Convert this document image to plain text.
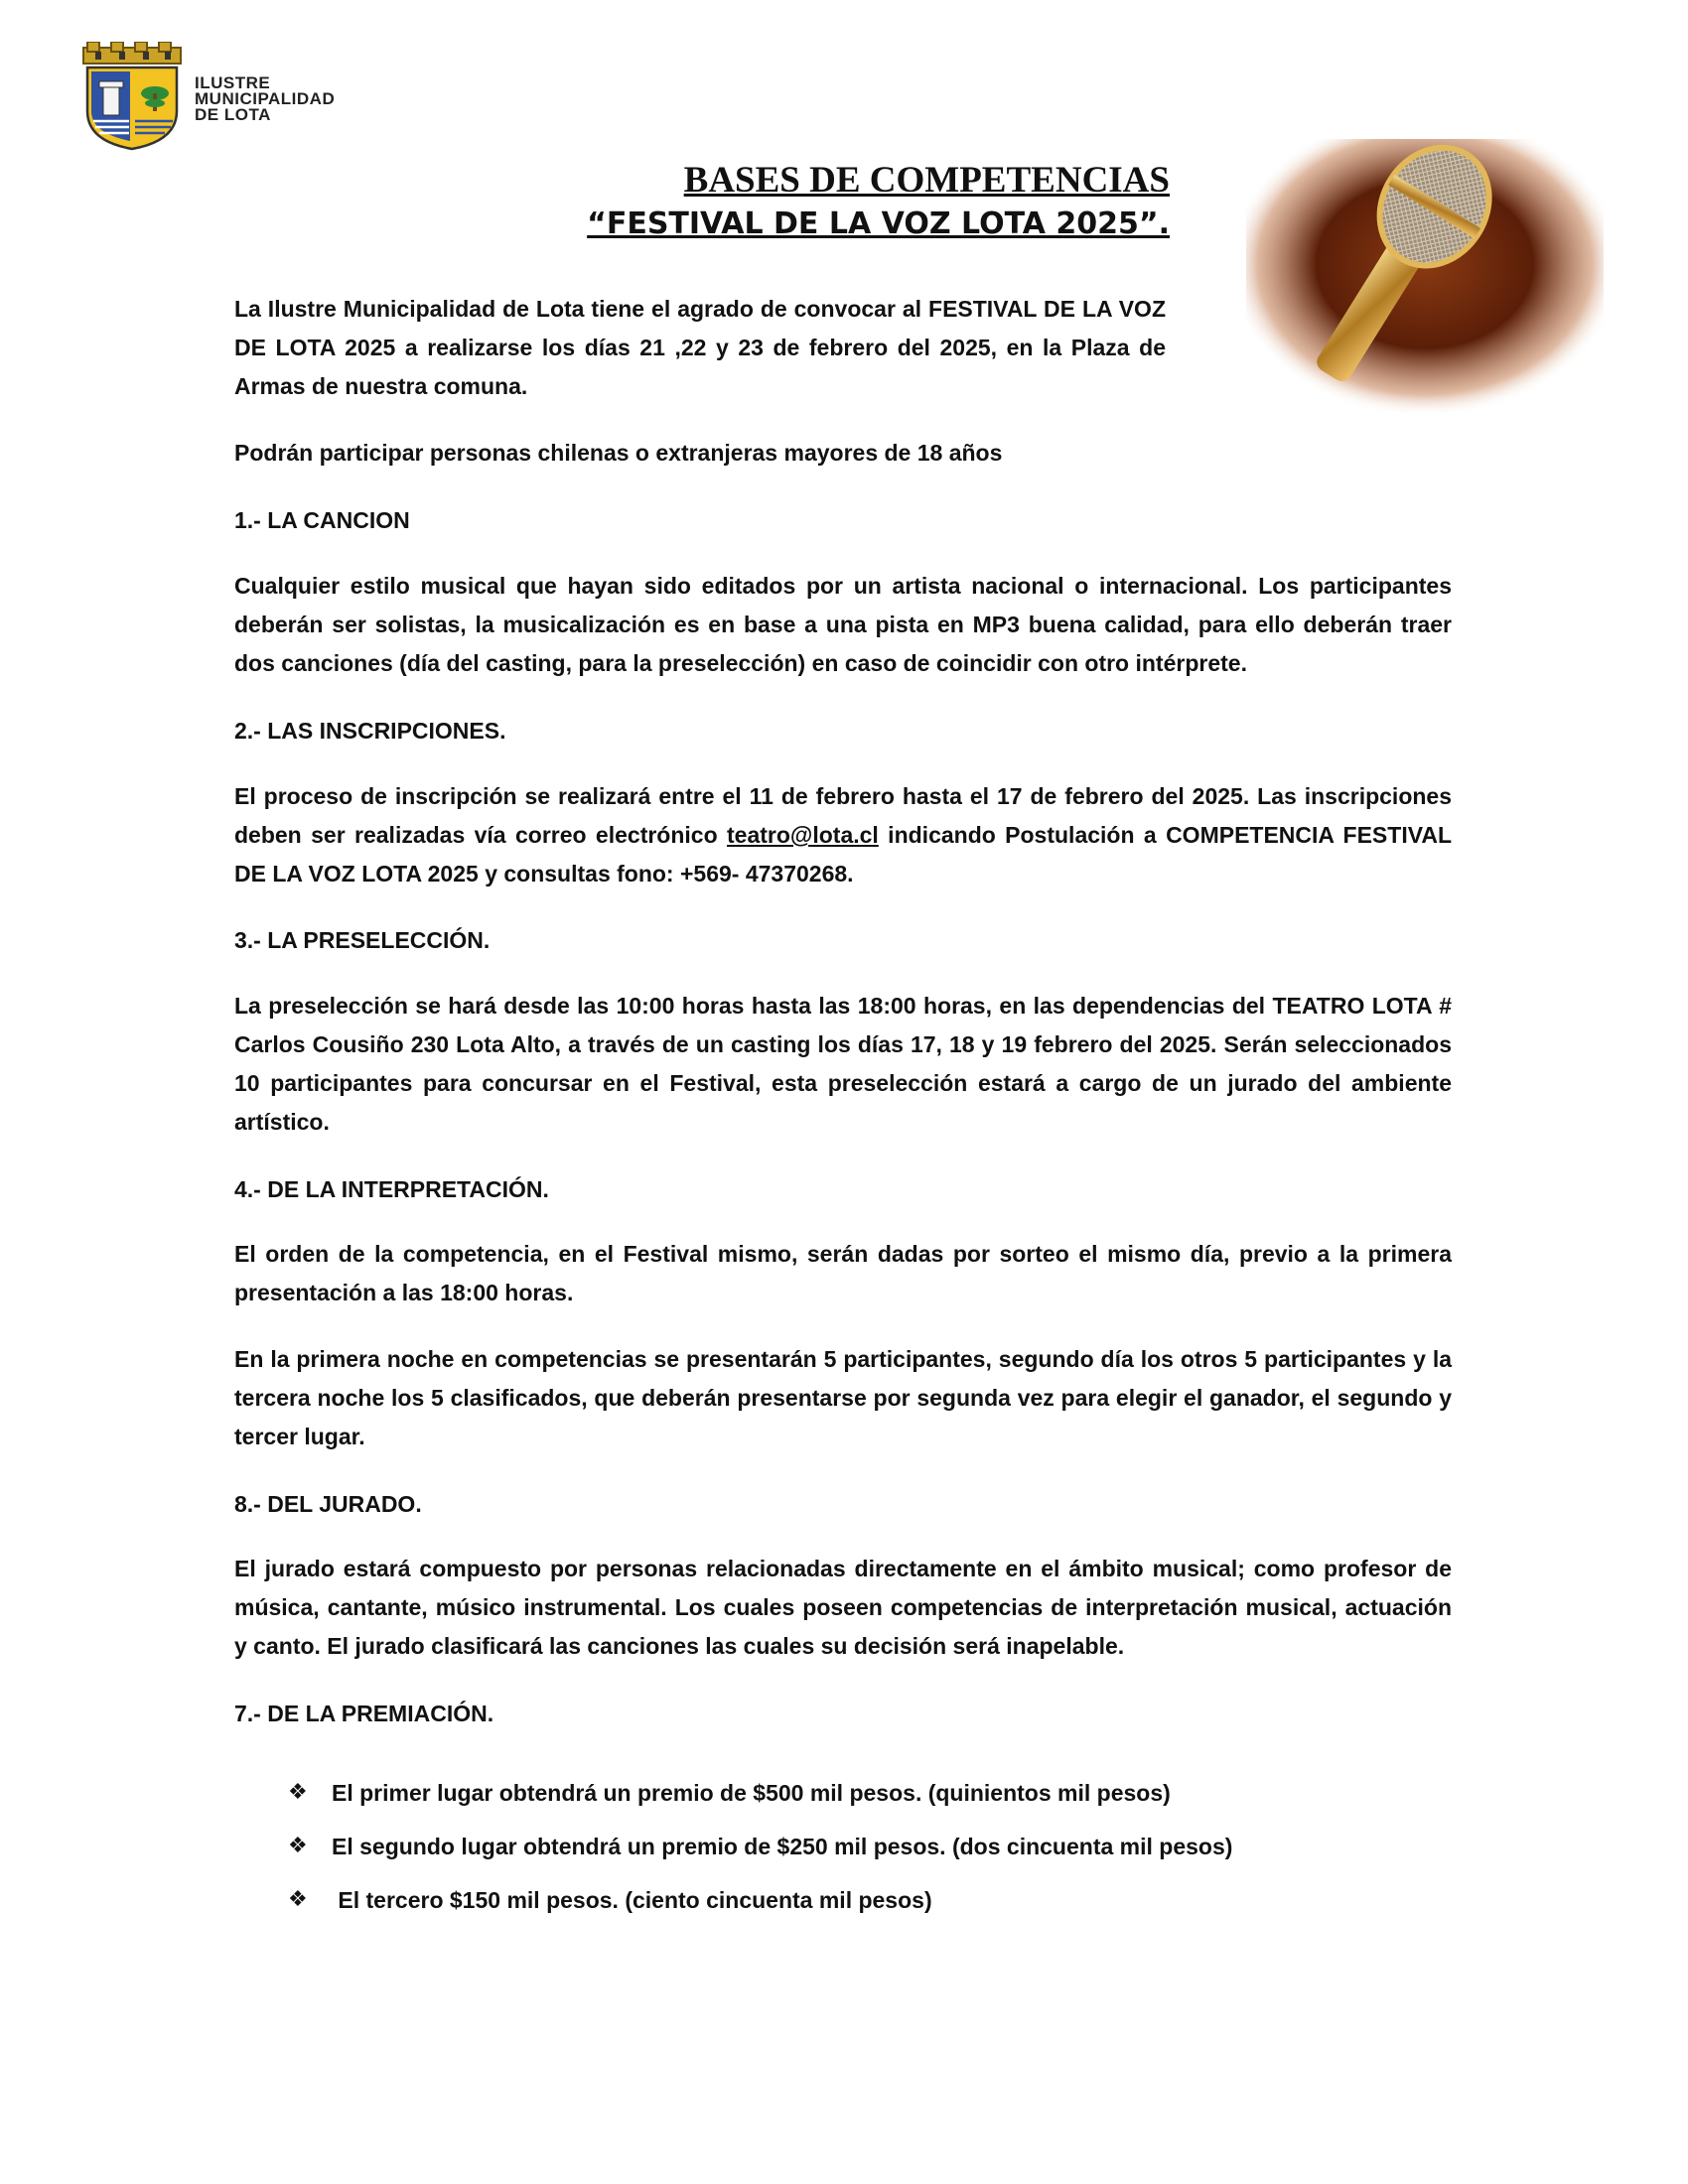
ILUSTRE
MUNICIPALIDAD
DE LOTA
BASES DE COMPETENCIAS
“FESTIVAL DE LA VOZ LOTA 2025”.

La Ilustre Municipalidad de Lota tiene el agrado de convocar al FESTIVAL DE LA VOZ DE LOTA 2025 a realizarse los días 21 ,22 y 23 de febrero del 2025, en la Plaza de Armas de nuestra comuna.

Podrán participar personas chilenas o extranjeras mayores de 18 años

1.- LA CANCION

Cualquier estilo musical que hayan sido editados por un artista nacional o internacional. Los participantes deberán ser solistas, la musicalización es en base a una pista en MP3 buena calidad, para ello deberán traer dos canciones (día del casting, para la preselección) en caso de coincidir con otro intérprete.

2.- LAS INSCRIPCIONES.

El proceso de inscripción se realizará entre el 11 de febrero hasta el 17 de febrero del 2025. Las inscripciones deben ser realizadas vía correo electrónico teatro@lota.cl indicando Postulación a COMPETENCIA FESTIVAL DE LA VOZ LOTA 2025 y consultas fono: +569- 47370268.

3.- LA PRESELECCIÓN.

La preselección se hará desde las 10:00 horas hasta las 18:00 horas, en las dependencias del TEATRO LOTA # Carlos Cousiño 230 Lota Alto, a través de un casting los días 17, 18 y 19 febrero del 2025. Serán seleccionados 10 participantes para concursar en el Festival, esta preselección estará a cargo de un jurado del ambiente artístico.

4.- DE LA INTERPRETACIÓN.

El orden de la competencia, en el Festival mismo, serán dadas por sorteo el mismo día, previo a la primera presentación a las 18:00 horas.

En la primera noche en competencias se presentarán 5 participantes, segundo día los otros 5 participantes y la tercera noche los 5 clasificados, que deberán presentarse por segunda vez para elegir el ganador, el segundo y tercer lugar.

8.- DEL JURADO.

El jurado estará compuesto por personas relacionadas directamente en el ámbito musical; como profesor de música, cantante, músico instrumental. Los cuales poseen competencias de interpretación musical, actuación y canto. El jurado clasificará las canciones las cuales su decisión será inapelable.

7.- DE LA PREMIACIÓN.

❖ El primer lugar obtendrá un premio de $500 mil pesos. (quinientos mil pesos)
❖ El segundo lugar obtendrá un premio de $250 mil pesos. (dos cincuenta mil pesos)
❖ El tercero $150 mil pesos. (ciento cincuenta mil pesos)
